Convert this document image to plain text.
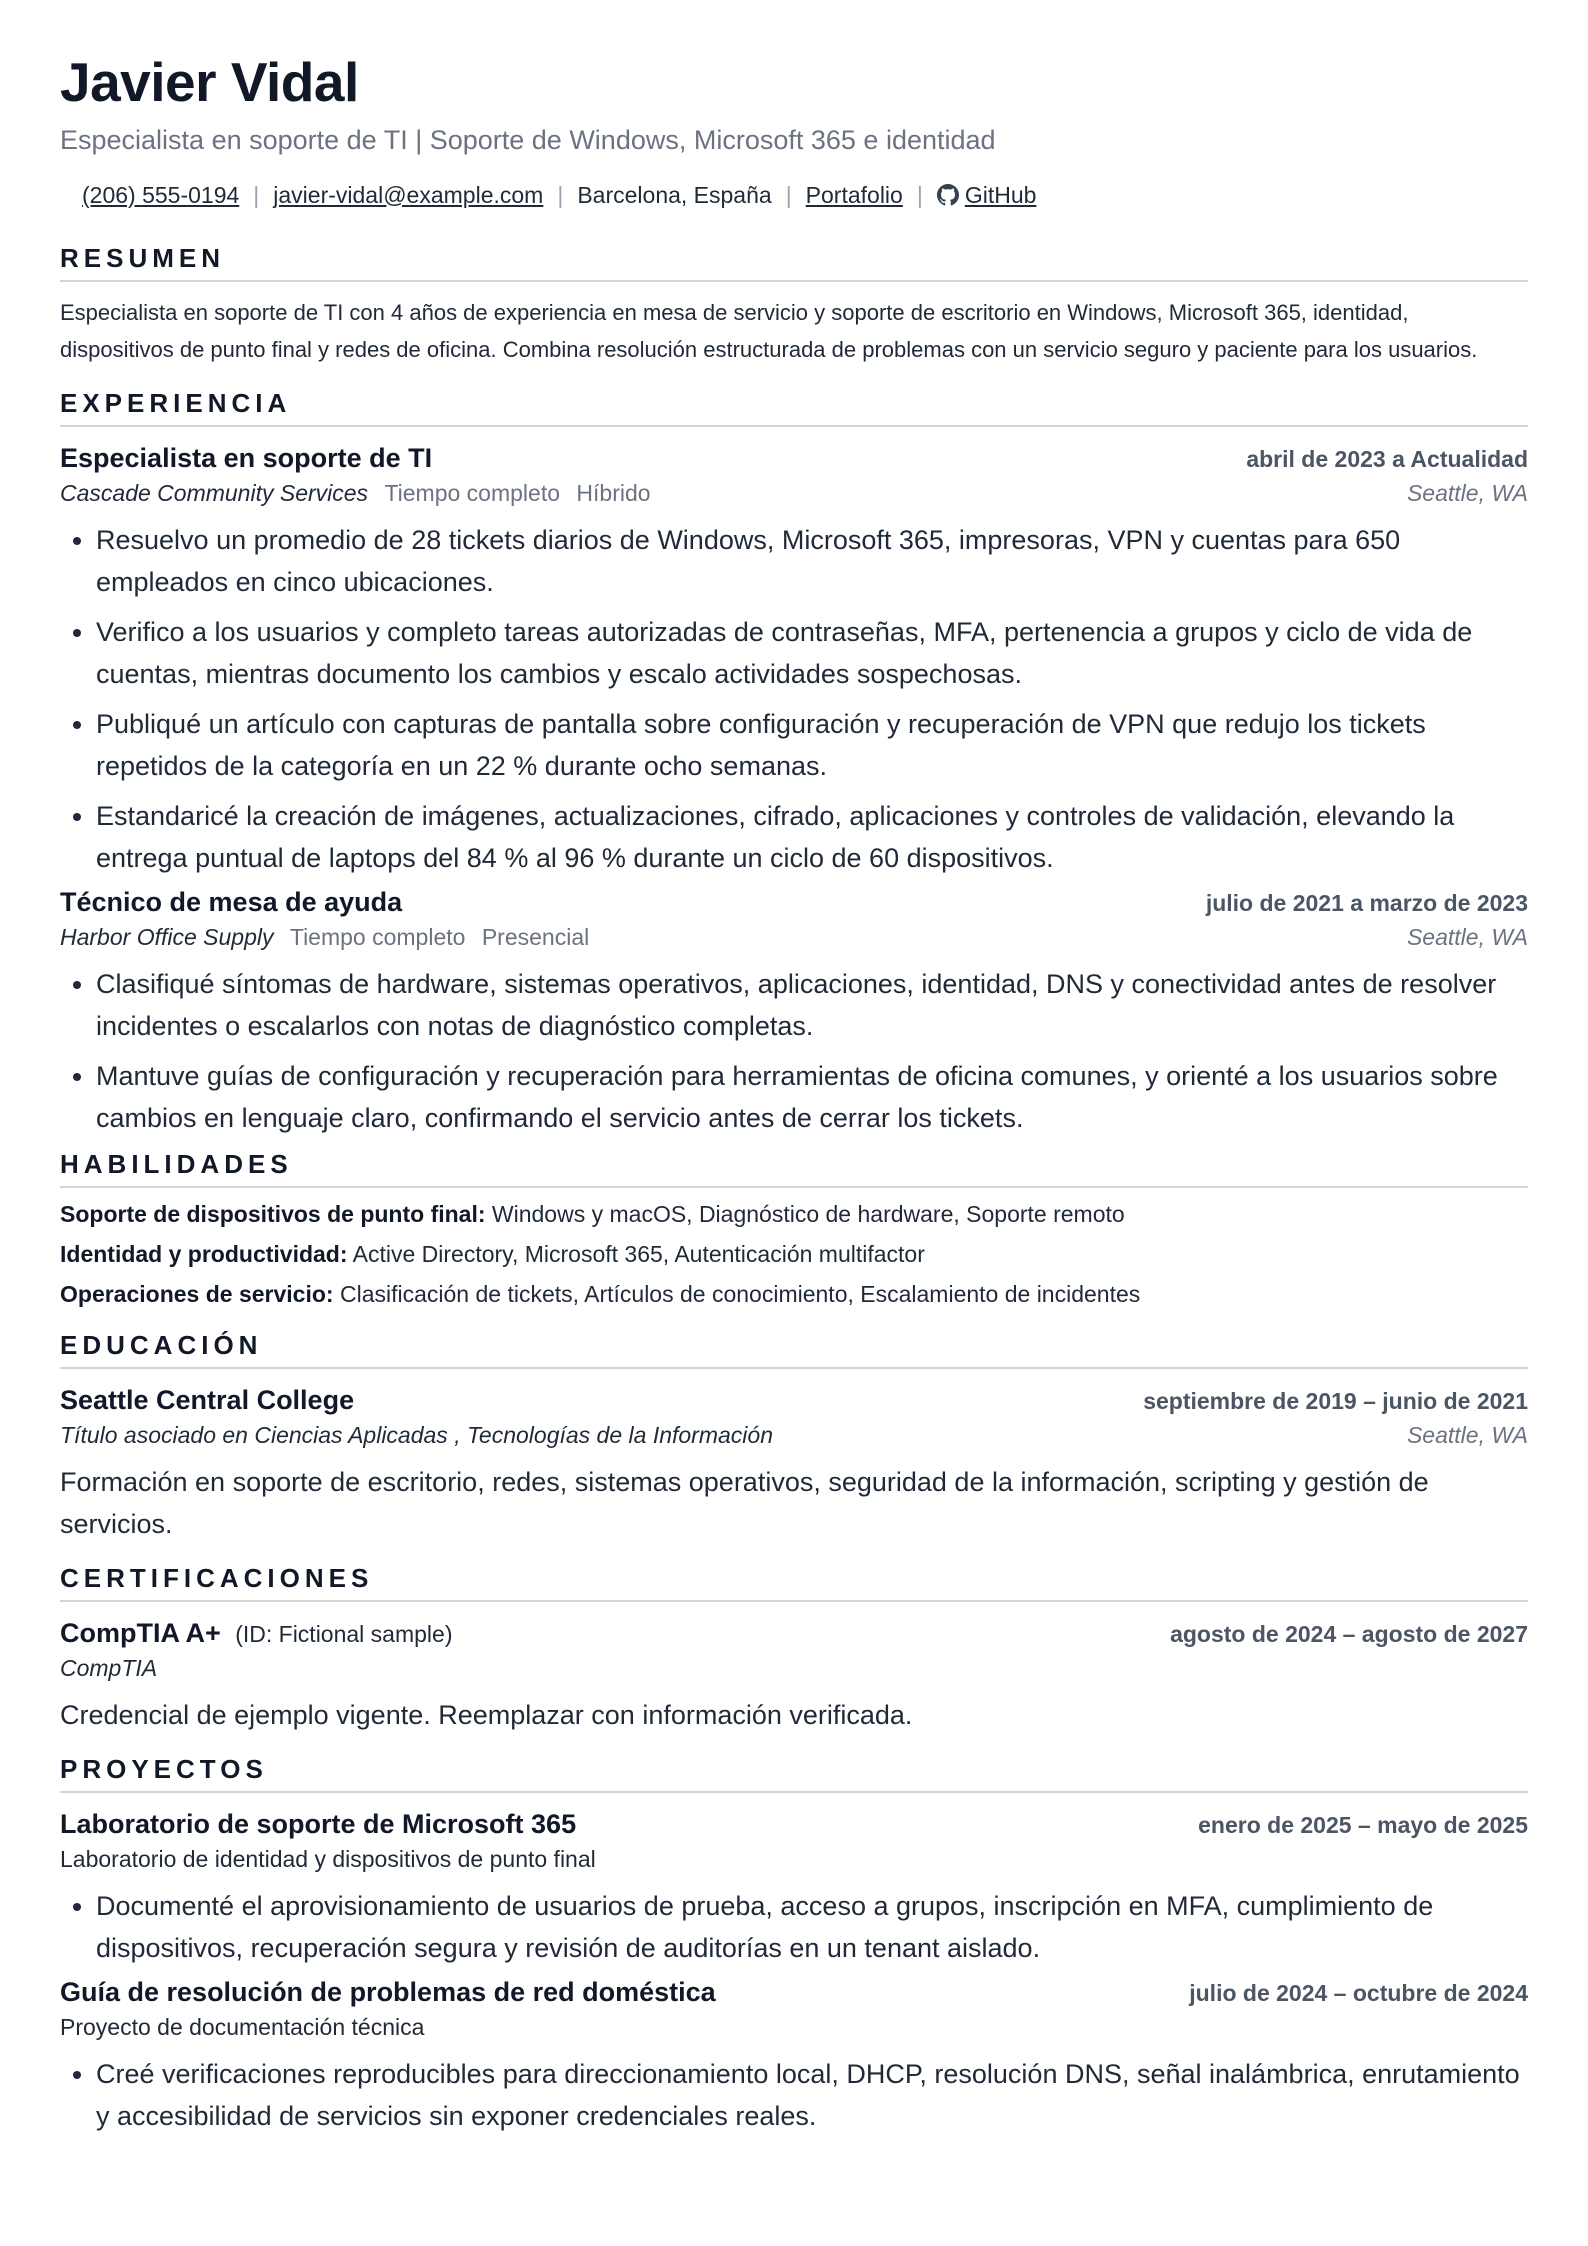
Javier Vidal
Especialista en soporte de TI | Soporte de Windows, Microsoft 365 e identidad
(206) 555-0194 | javier-vidal@example.com | Barcelona, España | Portafolio | GitHub
RESUMEN
Especialista en soporte de TI con 4 años de experiencia en mesa de servicio y soporte de escritorio en Windows, Microsoft 365, identidad, dispositivos de punto final y redes de oficina. Combina resolución estructurada de problemas con un servicio seguro y paciente para los usuarios.
EXPERIENCIA
Especialista en soporte de TI	abril de 2023 a Actualidad
Cascade Community Services Tiempo completo Híbrido	Seattle, WA
• Resuelvo un promedio de 28 tickets diarios de Windows, Microsoft 365, impresoras, VPN y cuentas para 650 empleados en cinco ubicaciones.
• Verifico a los usuarios y completo tareas autorizadas de contraseñas, MFA, pertenencia a grupos y ciclo de vida de cuentas, mientras documento los cambios y escalo actividades sospechosas.
• Publiqué un artículo con capturas de pantalla sobre configuración y recuperación de VPN que redujo los tickets repetidos de la categoría en un 22 % durante ocho semanas.
• Estandaricé la creación de imágenes, actualizaciones, cifrado, aplicaciones y controles de validación, elevando la entrega puntual de laptops del 84 % al 96 % durante un ciclo de 60 dispositivos.
Técnico de mesa de ayuda	julio de 2021 a marzo de 2023
Harbor Office Supply Tiempo completo Presencial	Seattle, WA
• Clasifiqué síntomas de hardware, sistemas operativos, aplicaciones, identidad, DNS y conectividad antes de resolver incidentes o escalarlos con notas de diagnóstico completas.
• Mantuve guías de configuración y recuperación para herramientas de oficina comunes, y orienté a los usuarios sobre cambios en lenguaje claro, confirmando el servicio antes de cerrar los tickets.
HABILIDADES
Soporte de dispositivos de punto final: Windows y macOS, Diagnóstico de hardware, Soporte remoto
Identidad y productividad: Active Directory, Microsoft 365, Autenticación multifactor
Operaciones de servicio: Clasificación de tickets, Artículos de conocimiento, Escalamiento de incidentes
EDUCACIÓN
Seattle Central College	septiembre de 2019 – junio de 2021
Título asociado en Ciencias Aplicadas , Tecnologías de la Información	Seattle, WA
Formación en soporte de escritorio, redes, sistemas operativos, seguridad de la información, scripting y gestión de servicios.
CERTIFICACIONES
CompTIA A+ (ID: Fictional sample)	agosto de 2024 – agosto de 2027
CompTIA
Credencial de ejemplo vigente. Reemplazar con información verificada.
PROYECTOS
Laboratorio de soporte de Microsoft 365	enero de 2025 – mayo de 2025
Laboratorio de identidad y dispositivos de punto final
• Documenté el aprovisionamiento de usuarios de prueba, acceso a grupos, inscripción en MFA, cumplimiento de dispositivos, recuperación segura y revisión de auditorías en un tenant aislado.
Guía de resolución de problemas de red doméstica	julio de 2024 – octubre de 2024
Proyecto de documentación técnica
• Creé verificaciones reproducibles para direccionamiento local, DHCP, resolución DNS, señal inalámbrica, enrutamiento y accesibilidad de servicios sin exponer credenciales reales.
